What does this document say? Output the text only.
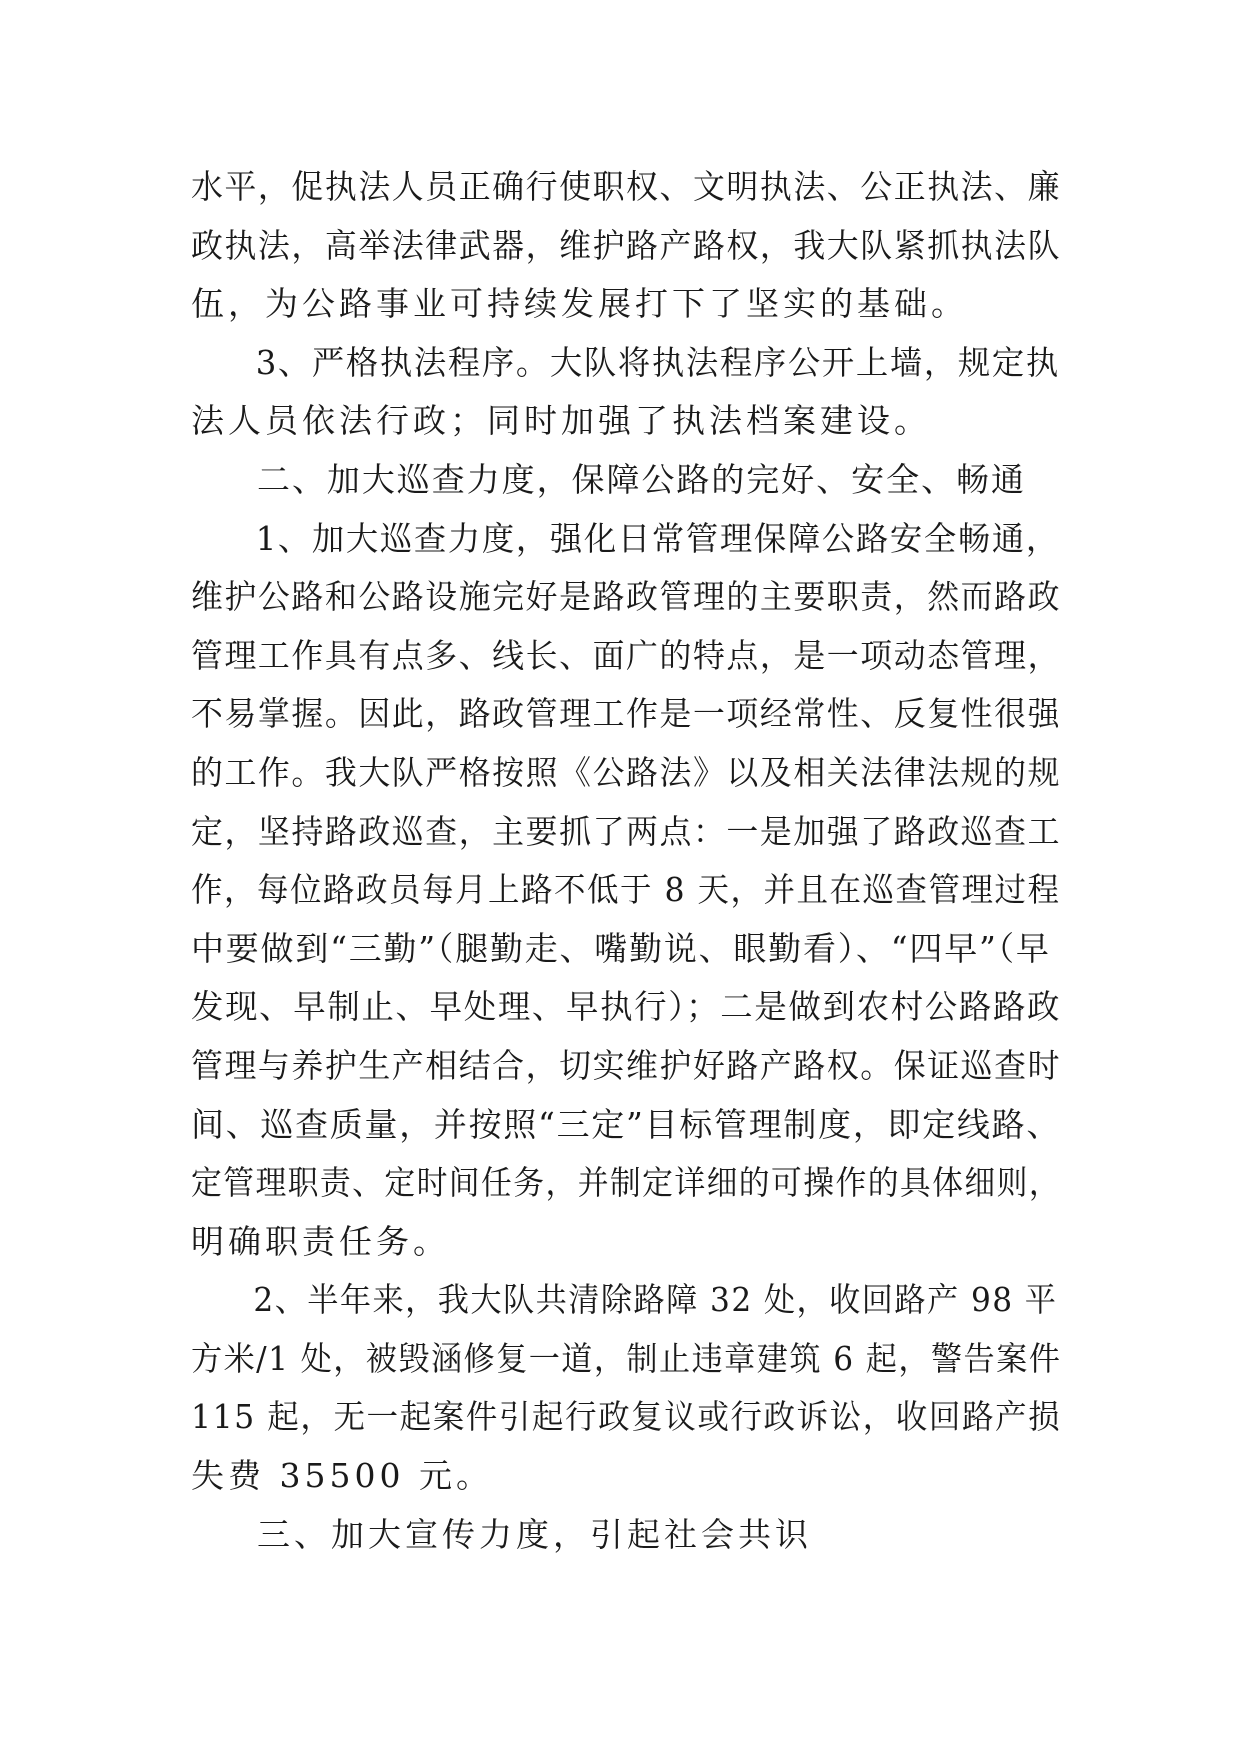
水平，促执法人员正确行使职权、文明执法、公正执法、廉
政执法，高举法律武器，维护路产路权，我大队紧抓执法队
伍，为公路事业可持续发展打下了坚实的基础。
3、严格执法程序。大队将执法程序公开上墙，规定执
法人员依法行政；同时加强了执法档案建设。
二、加大巡查力度，保障公路的完好、安全、畅通
1、加大巡查力度，强化日常管理保障公路安全畅通，
维护公路和公路设施完好是路政管理的主要职责，然而路政
管理工作具有点多、线长、面广的特点，是一项动态管理，
不易掌握。因此，路政管理工作是一项经常性、反复性很强
的工作。我大队严格按照《公路法》以及相关法律法规的规
定，坚持路政巡查，主要抓了两点：一是加强了路政巡查工
作，每位路政员每月上路不低于 8 天，并且在巡查管理过程
中要做到“三勤”（腿勤走、嘴勤说、眼勤看）、“四早”（早
发现、早制止、早处理、早执行）；二是做到农村公路路政
管理与养护生产相结合，切实维护好路产路权。保证巡查时
间、巡查质量，并按照“三定”目标管理制度，即定线路、
定管理职责、定时间任务，并制定详细的可操作的具体细则，
明确职责任务。
2、半年来，我大队共清除路障 32 处，收回路产 98 平
方米/1 处，被毁涵修复一道，制止违章建筑 6 起，警告案件
115 起，无一起案件引起行政复议或行政诉讼，收回路产损
失费 35500 元。
三、加大宣传力度，引起社会共识
